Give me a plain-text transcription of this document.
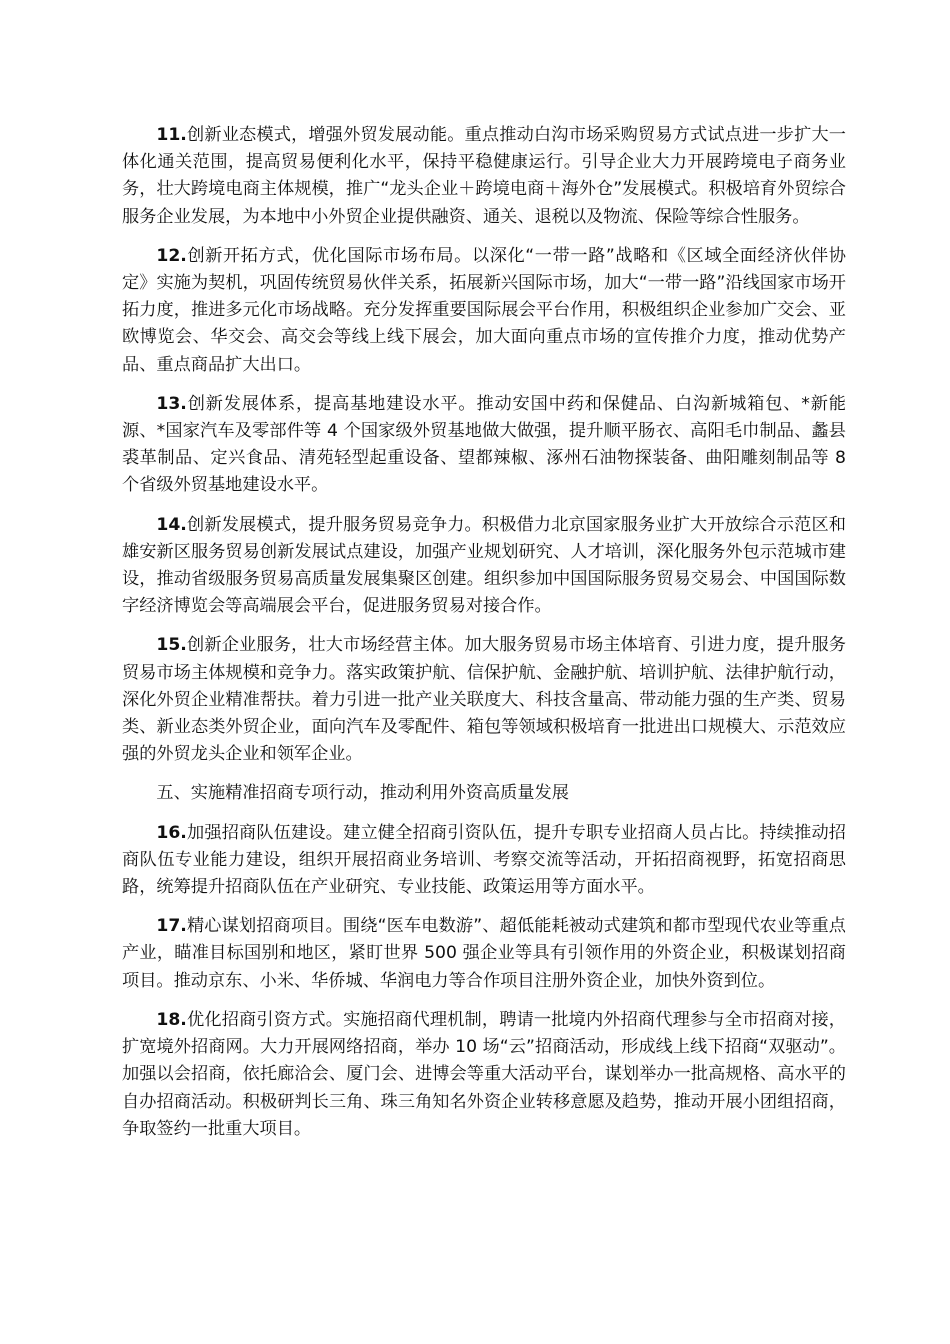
11.创新业态模式，增强外贸发展动能。重点推动白沟市场采购贸易方式试点进一步扩大一体化通关范围，提高贸易便利化水平，保持平稳健康运行。引导企业大力开展跨境电子商务业务，壮大跨境电商主体规模，推广“龙头企业＋跨境电商＋海外仓”发展模式。积极培育外贸综合服务企业发展，为本地中小外贸企业提供融资、通关、退税以及物流、保险等综合性服务。

12.创新开拓方式，优化国际市场布局。以深化“一带一路”战略和《区域全面经济伙伴协定》实施为契机，巩固传统贸易伙伴关系，拓展新兴国际市场，加大“一带一路”沿线国家市场开拓力度，推进多元化市场战略。充分发挥重要国际展会平台作用，积极组织企业参加广交会、亚欧博览会、华交会、高交会等线上线下展会，加大面向重点市场的宣传推介力度，推动优势产品、重点商品扩大出口。

13.创新发展体系，提高基地建设水平。推动安国中药和保健品、白沟新城箱包、*新能源、*国家汽车及零部件等 4 个国家级外贸基地做大做强，提升顺平肠衣、高阳毛巾制品、蠡县裘革制品、定兴食品、清苑轻型起重设备、望都辣椒、涿州石油物探装备、曲阳雕刻制品等 8 个省级外贸基地建设水平。

14.创新发展模式，提升服务贸易竞争力。积极借力北京国家服务业扩大开放综合示范区和雄安新区服务贸易创新发展试点建设，加强产业规划研究、人才培训，深化服务外包示范城市建设，推动省级服务贸易高质量发展集聚区创建。组织参加中国国际服务贸易交易会、中国国际数字经济博览会等高端展会平台，促进服务贸易对接合作。

15.创新企业服务，壮大市场经营主体。加大服务贸易市场主体培育、引进力度，提升服务贸易市场主体规模和竞争力。落实政策护航、信保护航、金融护航、培训护航、法律护航行动，深化外贸企业精准帮扶。着力引进一批产业关联度大、科技含量高、带动能力强的生产类、贸易类、新业态类外贸企业，面向汽车及零配件、箱包等领域积极培育一批进出口规模大、示范效应强的外贸龙头企业和领军企业。

五、实施精准招商专项行动，推动利用外资高质量发展

16.加强招商队伍建设。建立健全招商引资队伍，提升专职专业招商人员占比。持续推动招商队伍专业能力建设，组织开展招商业务培训、考察交流等活动，开拓招商视野，拓宽招商思路，统筹提升招商队伍在产业研究、专业技能、政策运用等方面水平。

17.精心谋划招商项目。围绕“医车电数游”、超低能耗被动式建筑和都市型现代农业等重点产业，瞄准目标国别和地区，紧盯世界 500 强企业等具有引领作用的外资企业，积极谋划招商项目。推动京东、小米、华侨城、华润电力等合作项目注册外资企业，加快外资到位。

18.优化招商引资方式。实施招商代理机制，聘请一批境内外招商代理参与全市招商对接，扩宽境外招商网。大力开展网络招商，举办 10 场“云”招商活动，形成线上线下招商“双驱动”。加强以会招商，依托廊洽会、厦门会、进博会等重大活动平台，谋划举办一批高规格、高水平的自办招商活动。积极研判长三角、珠三角知名外资企业转移意愿及趋势，推动开展小团组招商，争取签约一批重大项目。
